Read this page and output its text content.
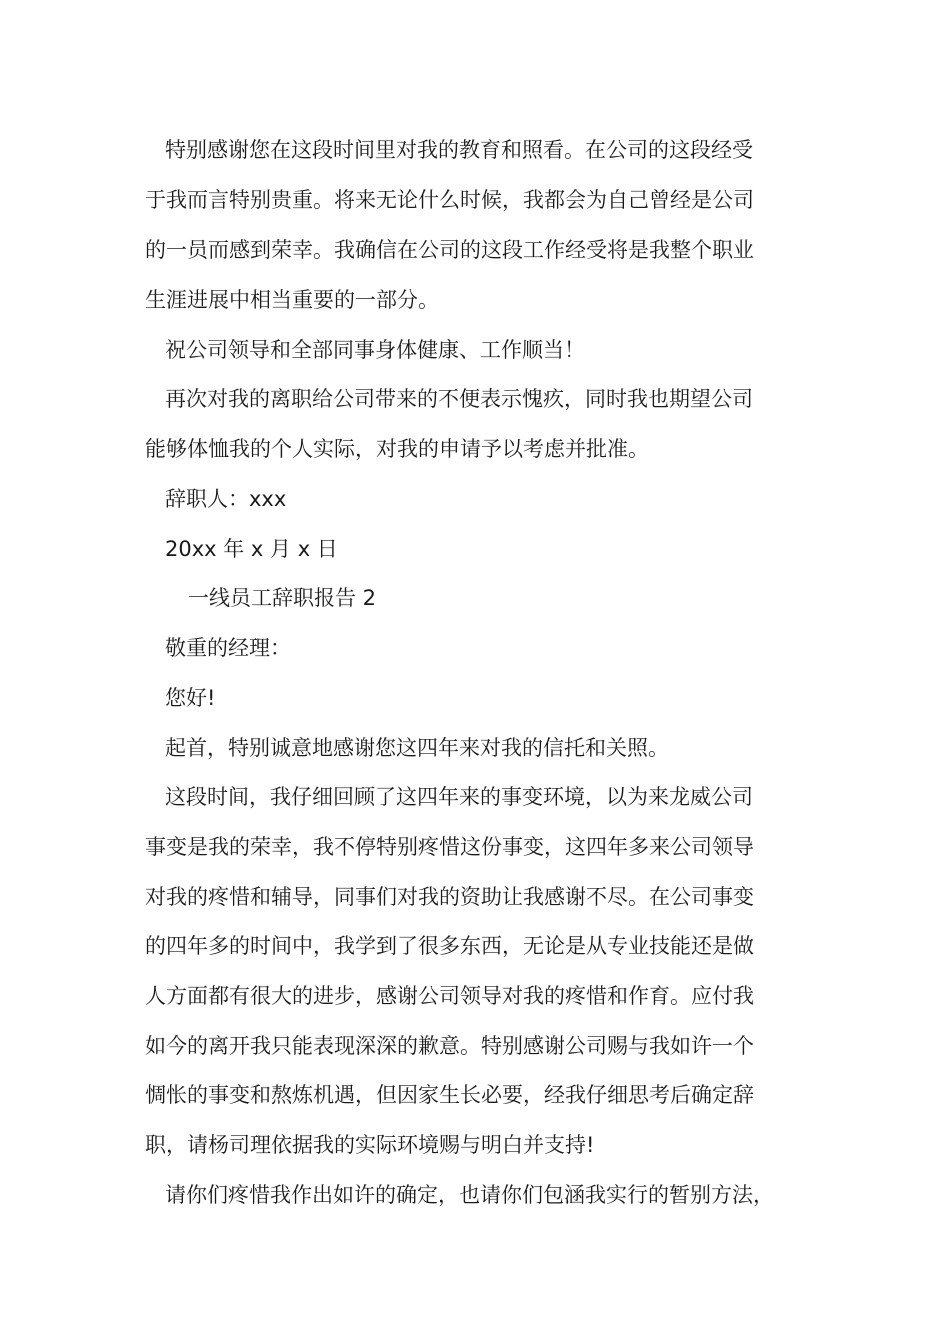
特别感谢您在这段时间里对我的教育和照看。在公司的这段经受
于我而言特别贵重。将来无论什么时候，我都会为自己曾经是公司
的一员而感到荣幸。我确信在公司的这段工作经受将是我整个职业
生涯进展中相当重要的一部分。
祝公司领导和全部同事身体健康、工作顺当！
再次对我的离职给公司带来的不便表示愧疚，同时我也期望公司
能够体恤我的个人实际，对我的申请予以考虑并批准。
辞职人：xxx
20xx 年 x 月 x 日
一线员工辞职报告 2
敬重的经理：
您好!
起首，特别诚意地感谢您这四年来对我的信托和关照。
这段时间，我仔细回顾了这四年来的事变环境，以为来龙威公司
事变是我的荣幸，我不停特别疼惜这份事变，这四年多来公司领导
对我的疼惜和辅导，同事们对我的资助让我感谢不尽。在公司事变
的四年多的时间中，我学到了很多东西，无论是从专业技能还是做
人方面都有很大的进步，感谢公司领导对我的疼惜和作育。应付我
如今的离开我只能表现深深的歉意。特别感谢公司赐与我如许一个
惆怅的事变和熬炼机遇，但因家生长必要，经我仔细思考后确定辞
职，请杨司理依据我的实际环境赐与明白并支持!
请你们疼惜我作出如许的确定，也请你们包涵我实行的暂别方法，
